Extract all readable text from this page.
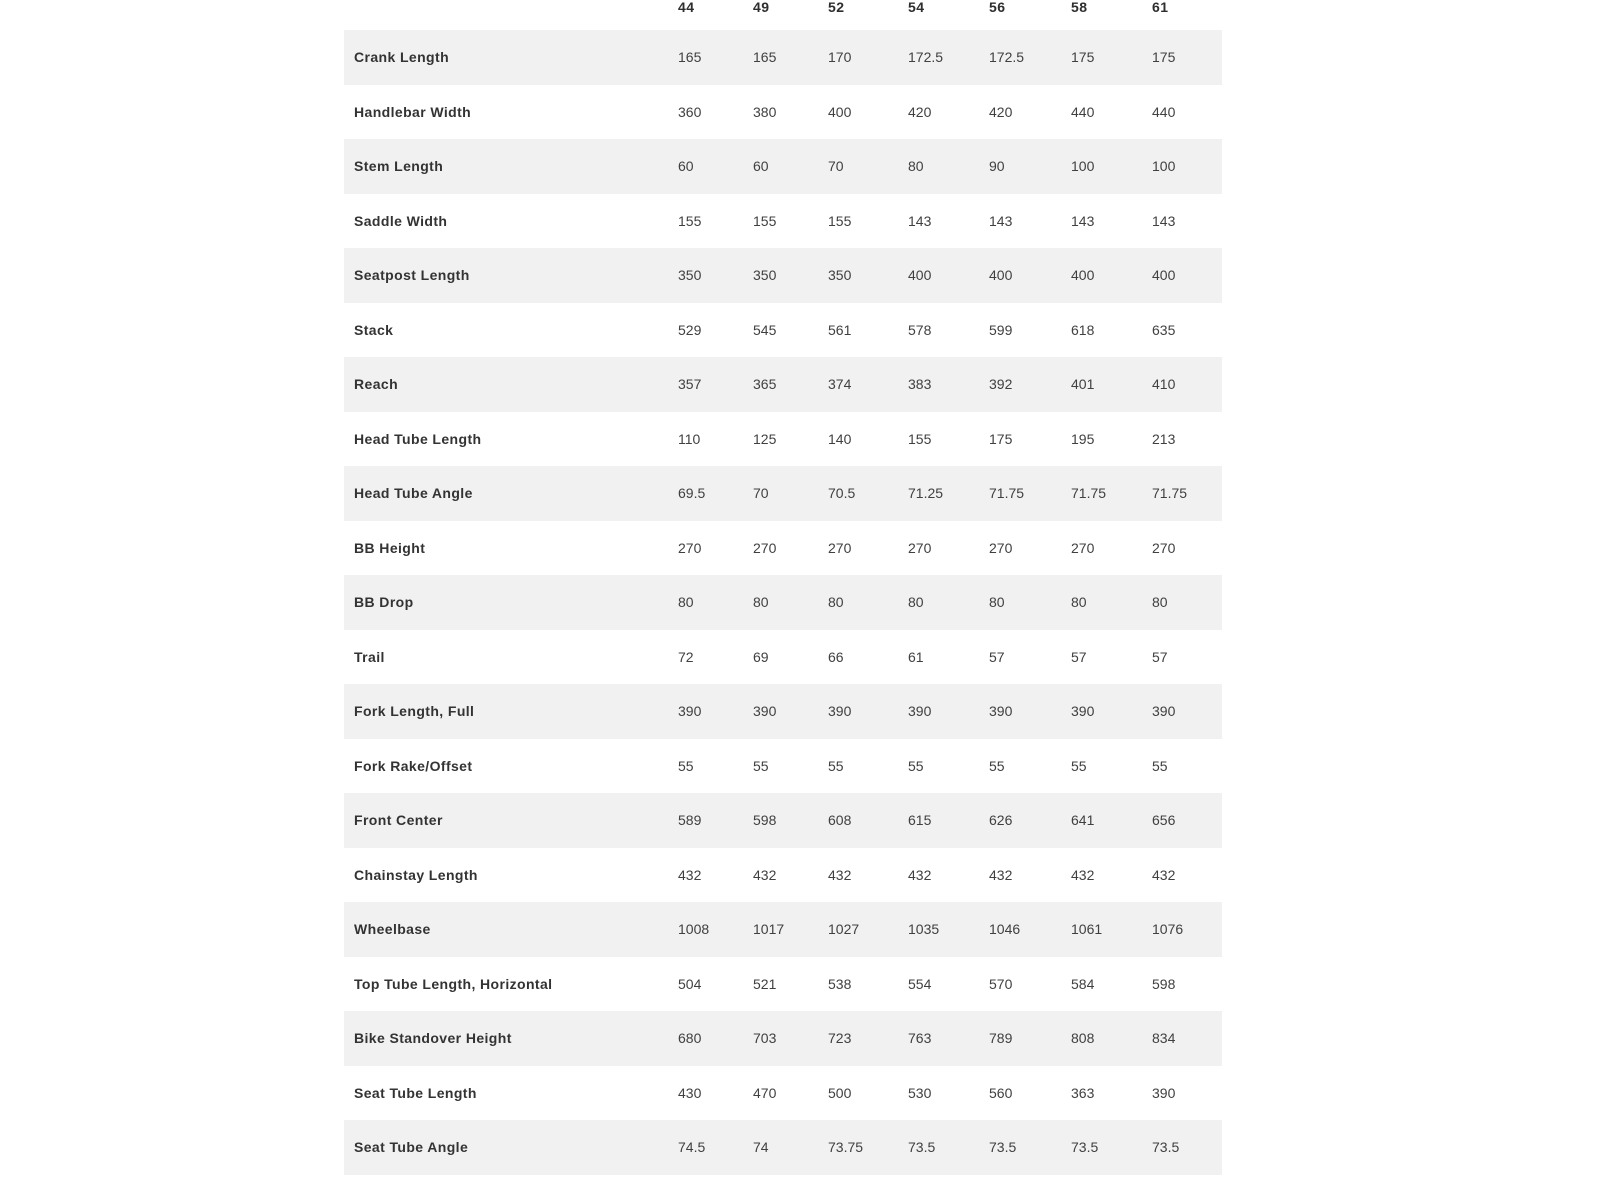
	44	49	52	54	56	58	61
Crank Length	165	165	170	172.5	172.5	175	175
Handlebar Width	360	380	400	420	420	440	440
Stem Length	60	60	70	80	90	100	100
Saddle Width	155	155	155	143	143	143	143
Seatpost Length	350	350	350	400	400	400	400
Stack	529	545	561	578	599	618	635
Reach	357	365	374	383	392	401	410
Head Tube Length	110	125	140	155	175	195	213
Head Tube Angle	69.5	70	70.5	71.25	71.75	71.75	71.75
BB Height	270	270	270	270	270	270	270
BB Drop	80	80	80	80	80	80	80
Trail	72	69	66	61	57	57	57
Fork Length, Full	390	390	390	390	390	390	390
Fork Rake/Offset	55	55	55	55	55	55	55
Front Center	589	598	608	615	626	641	656
Chainstay Length	432	432	432	432	432	432	432
Wheelbase	1008	1017	1027	1035	1046	1061	1076
Top Tube Length, Horizontal	504	521	538	554	570	584	598
Bike Standover Height	680	703	723	763	789	808	834
Seat Tube Length	430	470	500	530	560	363	390
Seat Tube Angle	74.5	74	73.75	73.5	73.5	73.5	73.5
